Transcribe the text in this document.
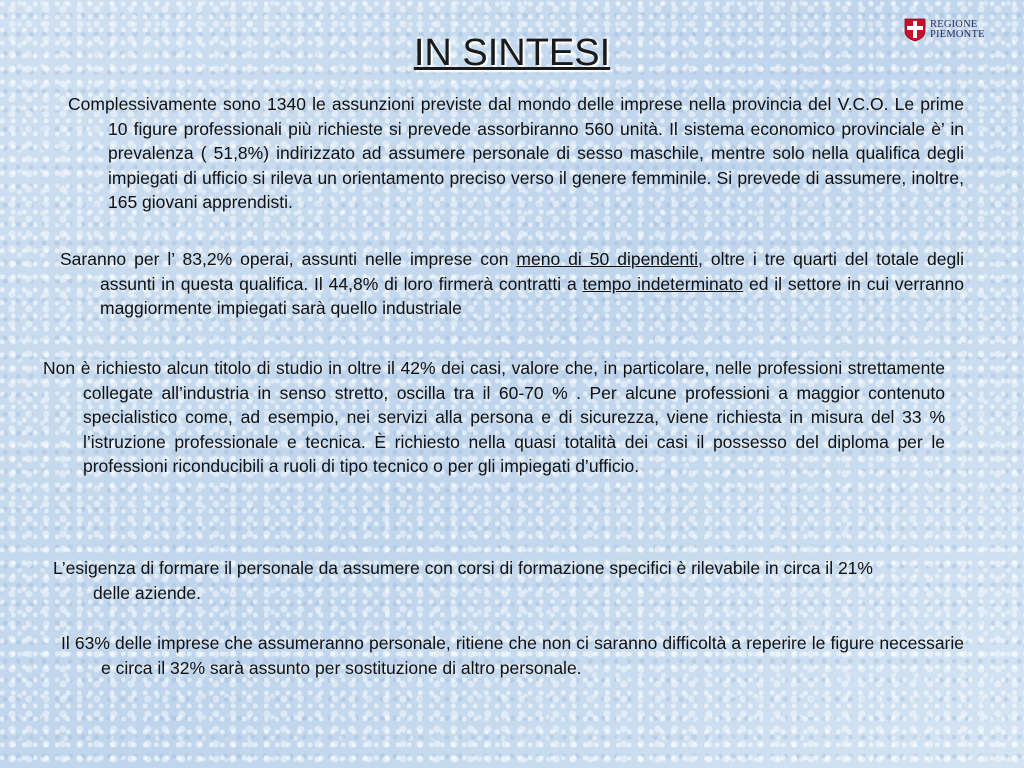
REGIONE
PIEMONTE
IN SINTESI

Complessivamente sono 1340 le assunzioni previste dal mondo delle imprese nella provincia del V.C.O. Le prime 10 figure professionali più richieste si prevede assorbiranno 560 unità. Il sistema economico provinciale è’ in prevalenza ( 51,8%) indirizzato ad assumere personale di sesso maschile, mentre solo nella qualifica degli impiegati di ufficio si rileva un orientamento preciso verso il genere femminile. Si prevede di assumere, inoltre, 165 giovani apprendisti.

Saranno per l’ 83,2% operai, assunti nelle imprese con meno di 50 dipendenti, oltre i tre quarti del totale degli assunti in questa qualifica. Il 44,8% di loro firmerà contratti a tempo indeterminato ed il settore in cui verranno maggiormente impiegati sarà quello industriale

Non è richiesto alcun titolo di studio in oltre il 42% dei casi, valore che, in particolare, nelle professioni strettamente collegate all’industria in senso stretto, oscilla tra il 60-70 % . Per alcune professioni a maggior contenuto specialistico come, ad esempio, nei servizi alla persona e di sicurezza, viene richiesta in misura del 33 % l’istruzione professionale e tecnica. È richiesto nella quasi totalità dei casi il possesso del diploma per le professioni riconducibili a ruoli di tipo tecnico o per gli impiegati d’ufficio.

L’esigenza di formare il personale da assumere con corsi di formazione specifici è rilevabile in circa il 21% delle aziende.

Il 63% delle imprese che assumeranno personale, ritiene che non ci saranno difficoltà a reperire le figure necessarie e circa il 32% sarà assunto per sostituzione di altro personale.
